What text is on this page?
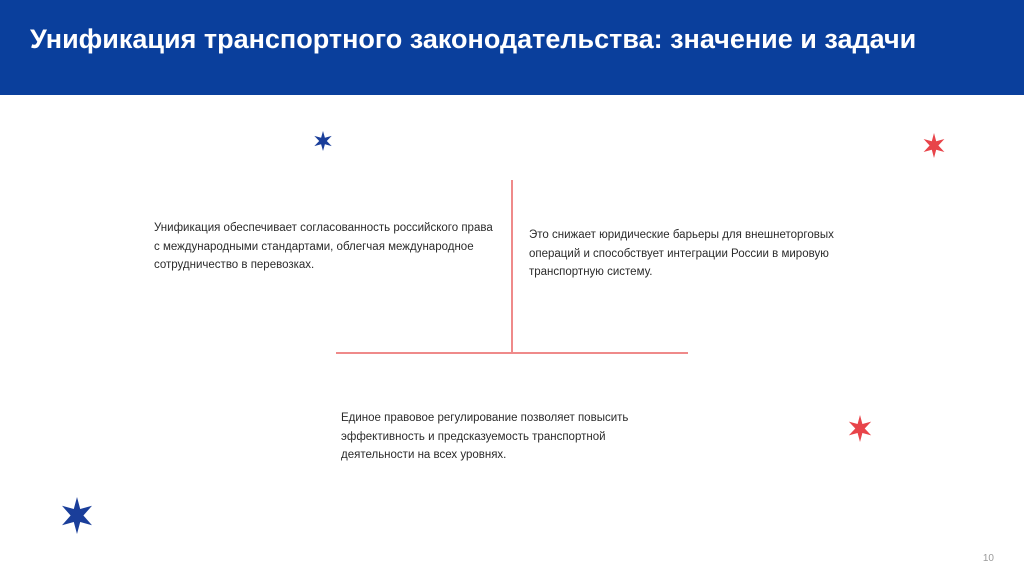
Унификация транспортного законодательства: значение и задачи

Унификация обеспечивает согласованность российского права с международными стандартами, облегчая международное сотрудничество в перевозках.

Это снижает юридические барьеры для внешнеторговых операций и способствует интеграции России в мировую транспортную систему.

Единое правовое регулирование позволяет повысить эффективность и предсказуемость транспортной деятельности на всех уровнях.

10
